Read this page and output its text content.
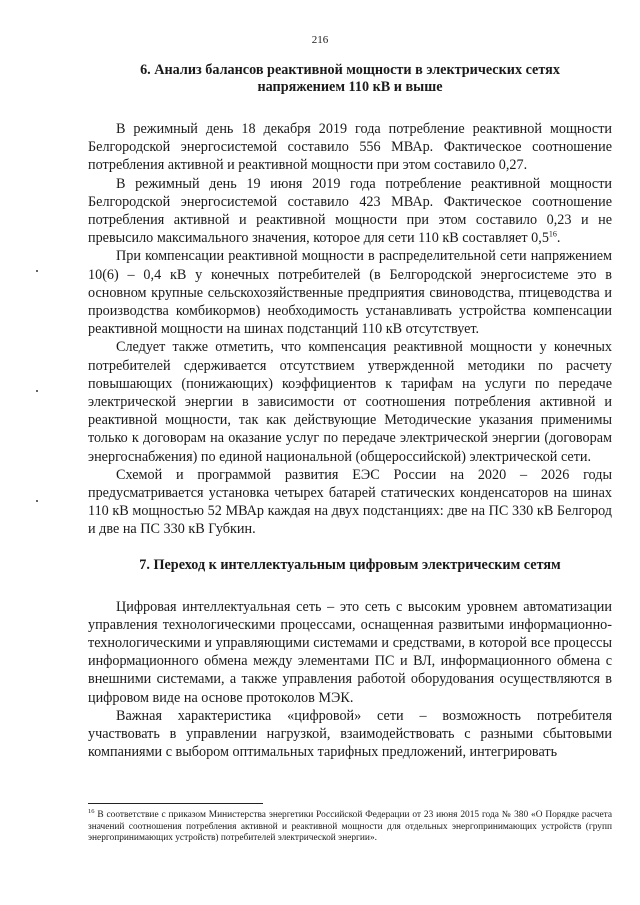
216
6. Анализ балансов реактивной мощности в электрических сетях
напряжением 110 кВ и выше

В режимный день 18 декабря 2019 года потребление реактивной мощности Белгородской энергосистемой составило 556 МВАр. Фактическое соотношение потребления активной и реактивной мощности при этом составило 0,27.

В режимный день 19 июня 2019 года потребление реактивной мощности Белгородской энергосистемой составило 423 МВАр. Фактическое соотношение потребления активной и реактивной мощности при этом составило 0,23 и не превысило максимального значения, которое для сети 110 кВ составляет $0,5^{16}$.

При компенсации реактивной мощности в распределительной сети напряжением 10(6) – 0,4 кВ у конечных потребителей (в Белгородской энергосистеме это в основном крупные сельскохозяйственные предприятия свиноводства, птицеводства и производства комбикормов) необходимость устанавливать устройства компенсации реактивной мощности на шинах подстанций 110 кВ отсутствует.

Следует также отметить, что компенсация реактивной мощности у конечных потребителей сдерживается отсутствием утвержденной методики по расчету повышающих (понижающих) коэффициентов к тарифам на услуги по передаче электрической энергии в зависимости от соотношения потребления активной и реактивной мощности, так как действующие Методические указания применимы только к договорам на оказание услуг по передаче электрической энергии (договорам энергоснабжения) по единой национальной (общероссийской) электрической сети.

Схемой и программой развития ЕЭС России на 2020 – 2026 годы предусматривается установка четырех батарей статических конденсаторов на шинах 110 кВ мощностью 52 МВАр каждая на двух подстанциях: две на ПС 330 кВ Белгород и две на ПС 330 кВ Губкин.

7. Переход к интеллектуальным цифровым электрическим сетям

Цифровая интеллектуальная сеть – это сеть с высоким уровнем автоматизации управления технологическими процессами, оснащенная развитыми информационно-технологическими и управляющими системами и средствами, в которой все процессы информационного обмена между элементами ПС и ВЛ, информационного обмена с внешними системами, а также управления работой оборудования осуществляются в цифровом виде на основе протоколов МЭК.

Важная характеристика «цифровой» сети – возможность потребителя участвовать в управлении нагрузкой, взаимодействовать с разными сбытовыми компаниями с выбором оптимальных тарифных предложений, интегрировать

$^{16}$ В соответствие с приказом Министерства энергетики Российской Федерации от 23 июня 2015 года № 380 «О Порядке расчета значений соотношения потребления активной и реактивной мощности для отдельных энергопринимающих устройств (групп энергопринимающих устройств) потребителей электрической энергии».
